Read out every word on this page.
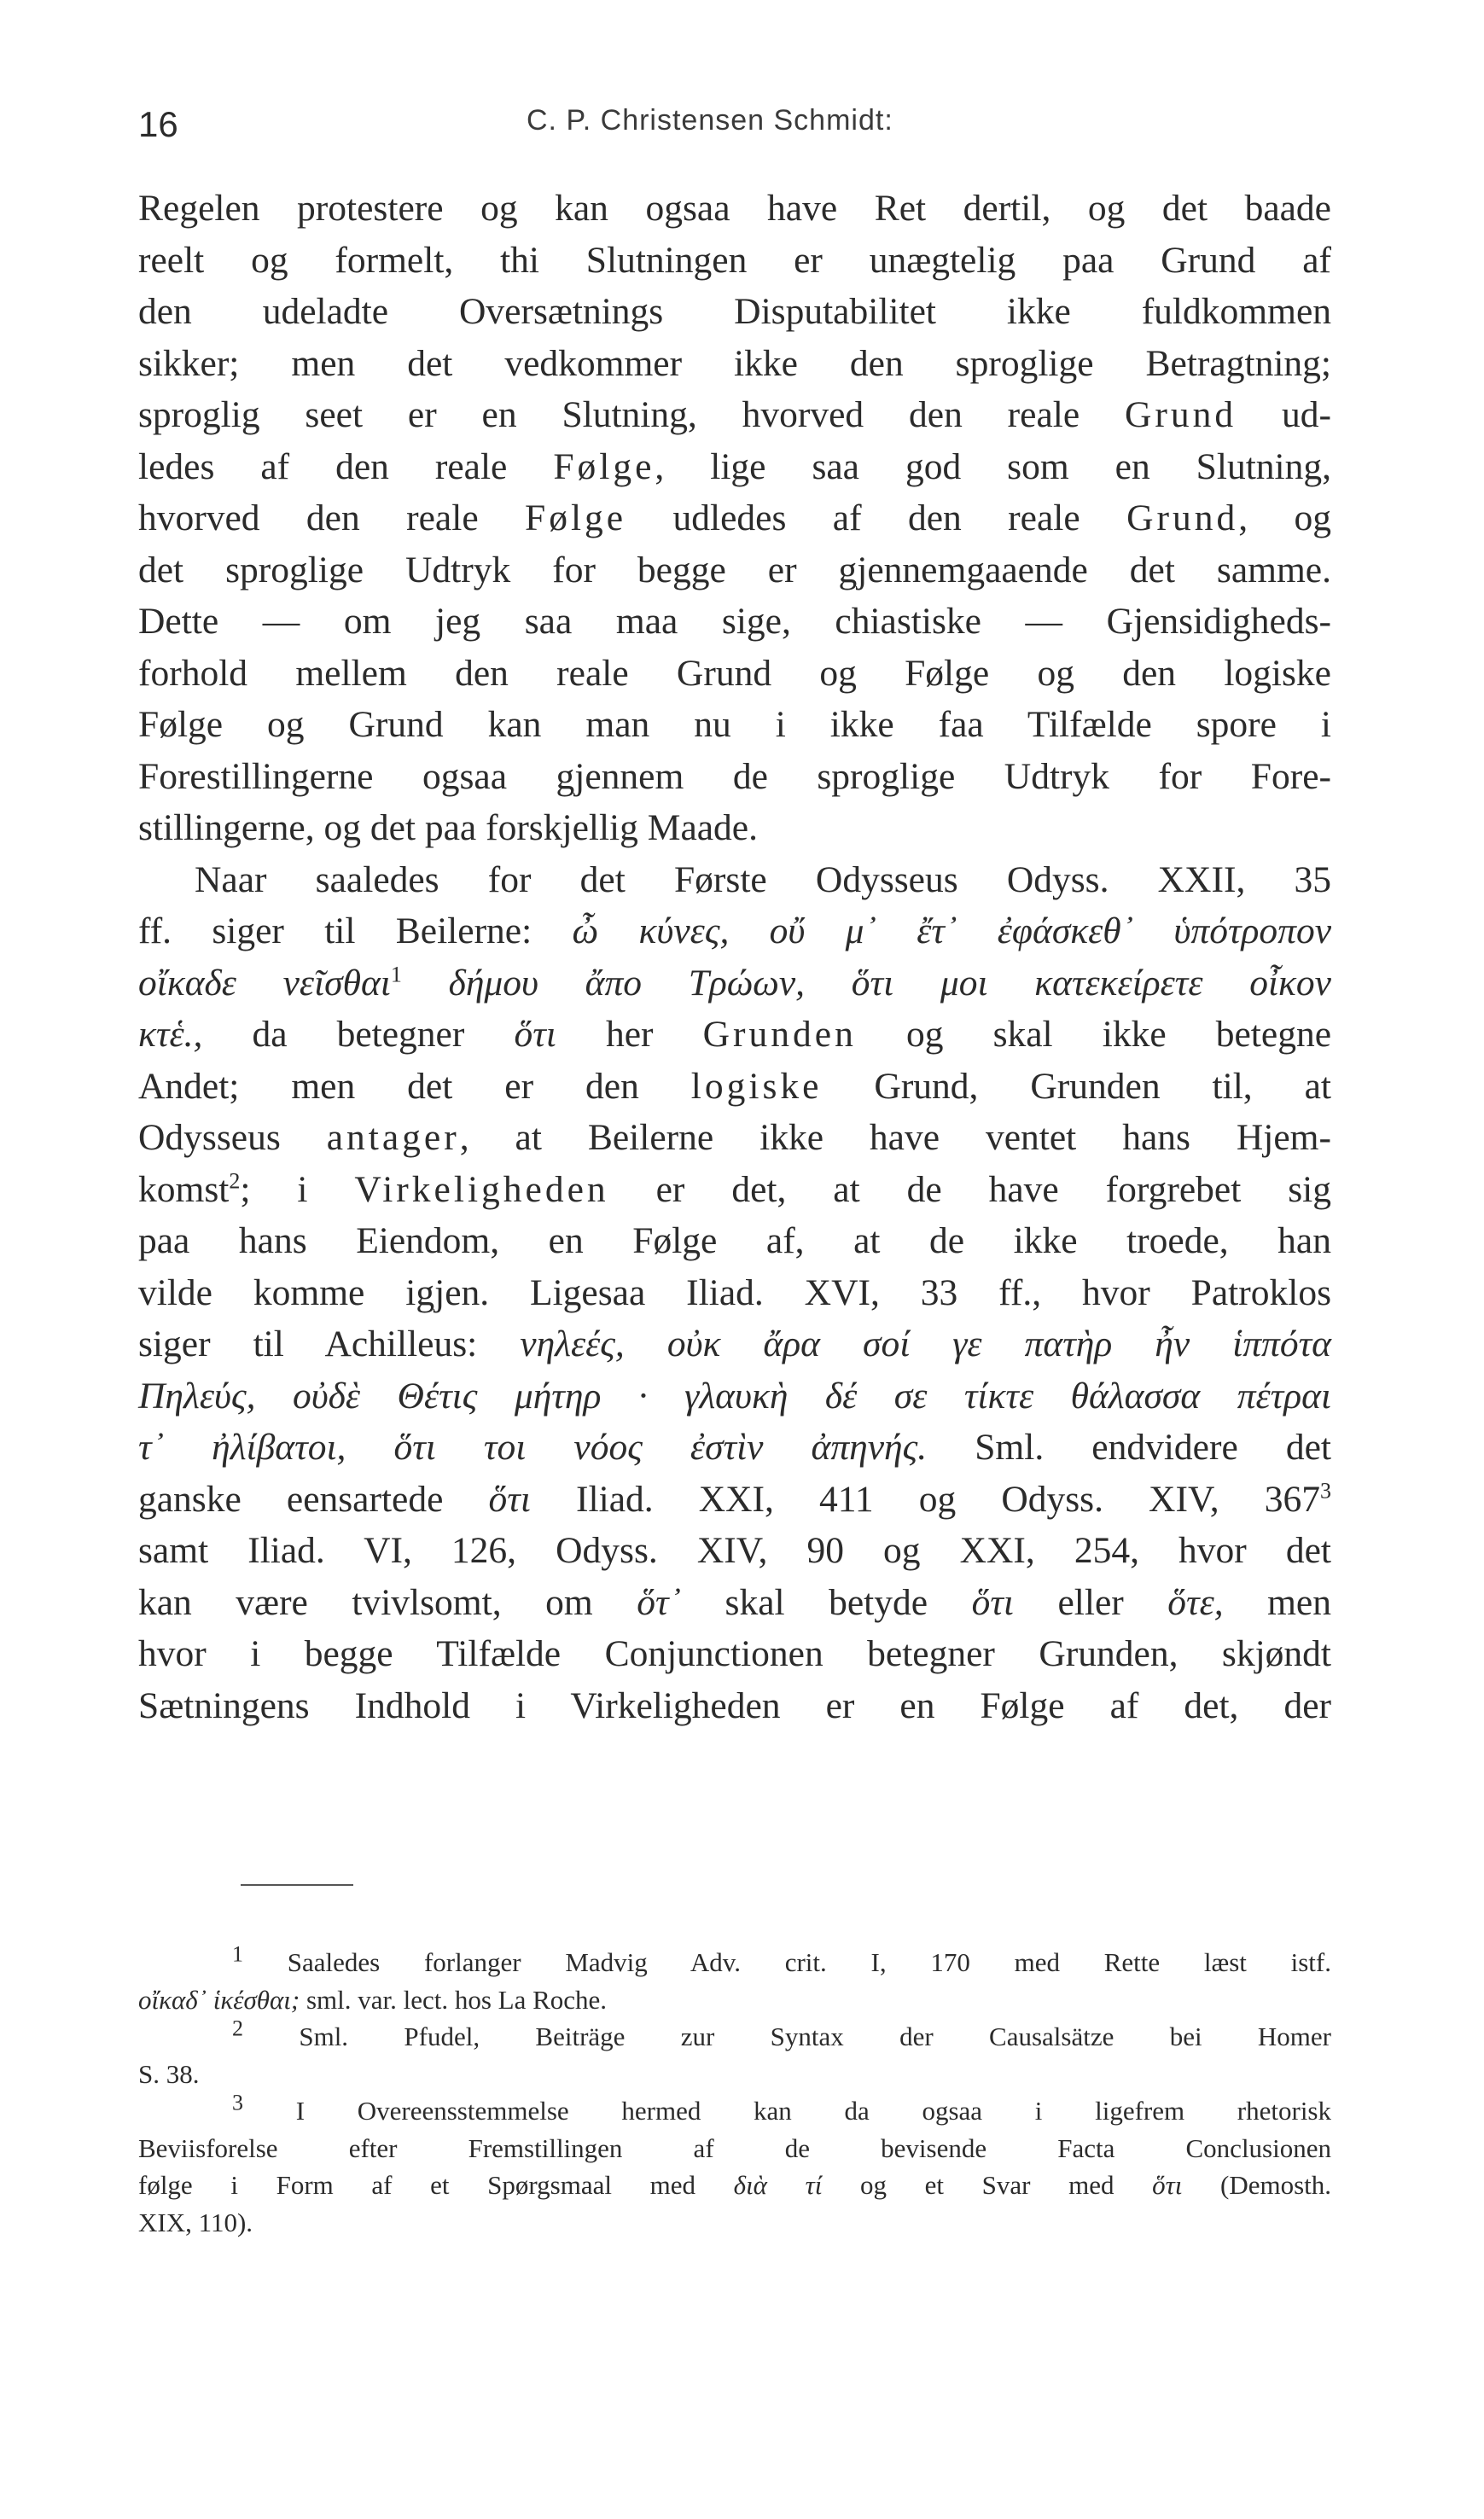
16	C. P. Christensen Schmidt:
Regelen protestere og kan ogsaa have Ret dertil, og det baade
reelt og formelt, thi Slutningen er unægtelig paa Grund af
den udeladte Oversætnings Disputabilitet ikke fuldkommen
sikker; men det vedkommer ikke den sproglige Betragtning;
sproglig seet er en Slutning, hvorved den reale Grund ud-
ledes af den reale Følge, lige saa god som en Slutning,
hvorved den reale Følge udledes af den reale Grund, og
det sproglige Udtryk for begge er gjennemgaaende det samme.
Dette — om jeg saa maa sige, chiastiske — Gjensidigheds-
forhold mellem den reale Grund og Følge og den logiske
Følge og Grund kan man nu i ikke faa Tilfælde spore i
Forestillingerne ogsaa gjennem de sproglige Udtryk for Fore-
stillingerne, og det paa forskjellig Maade.
Naar saaledes for det Første Odysseus Odyss. XXII, 35
ff. siger til Beilerne: ὦ κύνες, οὔ μ᾽ ἔτ᾽ ἐφάσκεθ᾽ ὑπότροπον
οἴκαδε νεῖσθαι$^1$ δήμου ἄπο Τρώων, ὅτι μοι κατεκείρετε οἶκον
κτἑ., da betegner ὅτι her Grunden og skal ikke betegne
Andet; men det er den logiske Grund, Grunden til, at
Odysseus antager, at Beilerne ikke have ventet hans Hjem-
komst$^2$; i Virkeligheden er det, at de have forgrebet sig
paa hans Eiendom, en Følge af, at de ikke troede, han
vilde komme igjen. Ligesaa Iliad. XVI, 33 ff., hvor Patroklos
siger til Achilleus: νηλεές, οὐκ ἄρα σοί γε πατὴρ ἦν ἱππότα
Πηλεύς, οὐδὲ Θέτις μήτηρ · γλαυκὴ δέ σε τίκτε θάλασσα πέτραι
τ᾽ ἠλίβατοι, ὅτι τοι νόος ἐστὶν ἀπηνής. Sml. endvidere det
ganske eensartede ὅτι Iliad. XXI, 411 og Odyss. XIV, $367^3$
samt Iliad. VI, 126, Odyss. XIV, 90 og XXI, 254, hvor det
kan være tvivlsomt, om ὅτ᾽ skal betyde ὅτι eller ὅτε, men
hvor i begge Tilfælde Conjunctionen betegner Grunden, skjøndt
Sætningens Indhold i Virkeligheden er en Følge af det, der
$^1$ Saaledes forlanger Madvig Adv. crit. I, 170 med Rette læst istf.
οἴκαδ᾽ ἱκέσθαι; sml. var. lect. hos La Roche.
$^2$ Sml. Pfudel, Beiträge zur Syntax der Causalsätze bei Homer
S. 38.
$^3$ I Overeensstemmelse hermed kan da ogsaa i ligefrem rhetorisk
Beviisforelse efter Fremstillingen af de bevisende Facta Conclusionen
følge i Form af et Spørgsmaal med διὰ τί og et Svar med ὅτι (Demosth.
XIX, 110).
